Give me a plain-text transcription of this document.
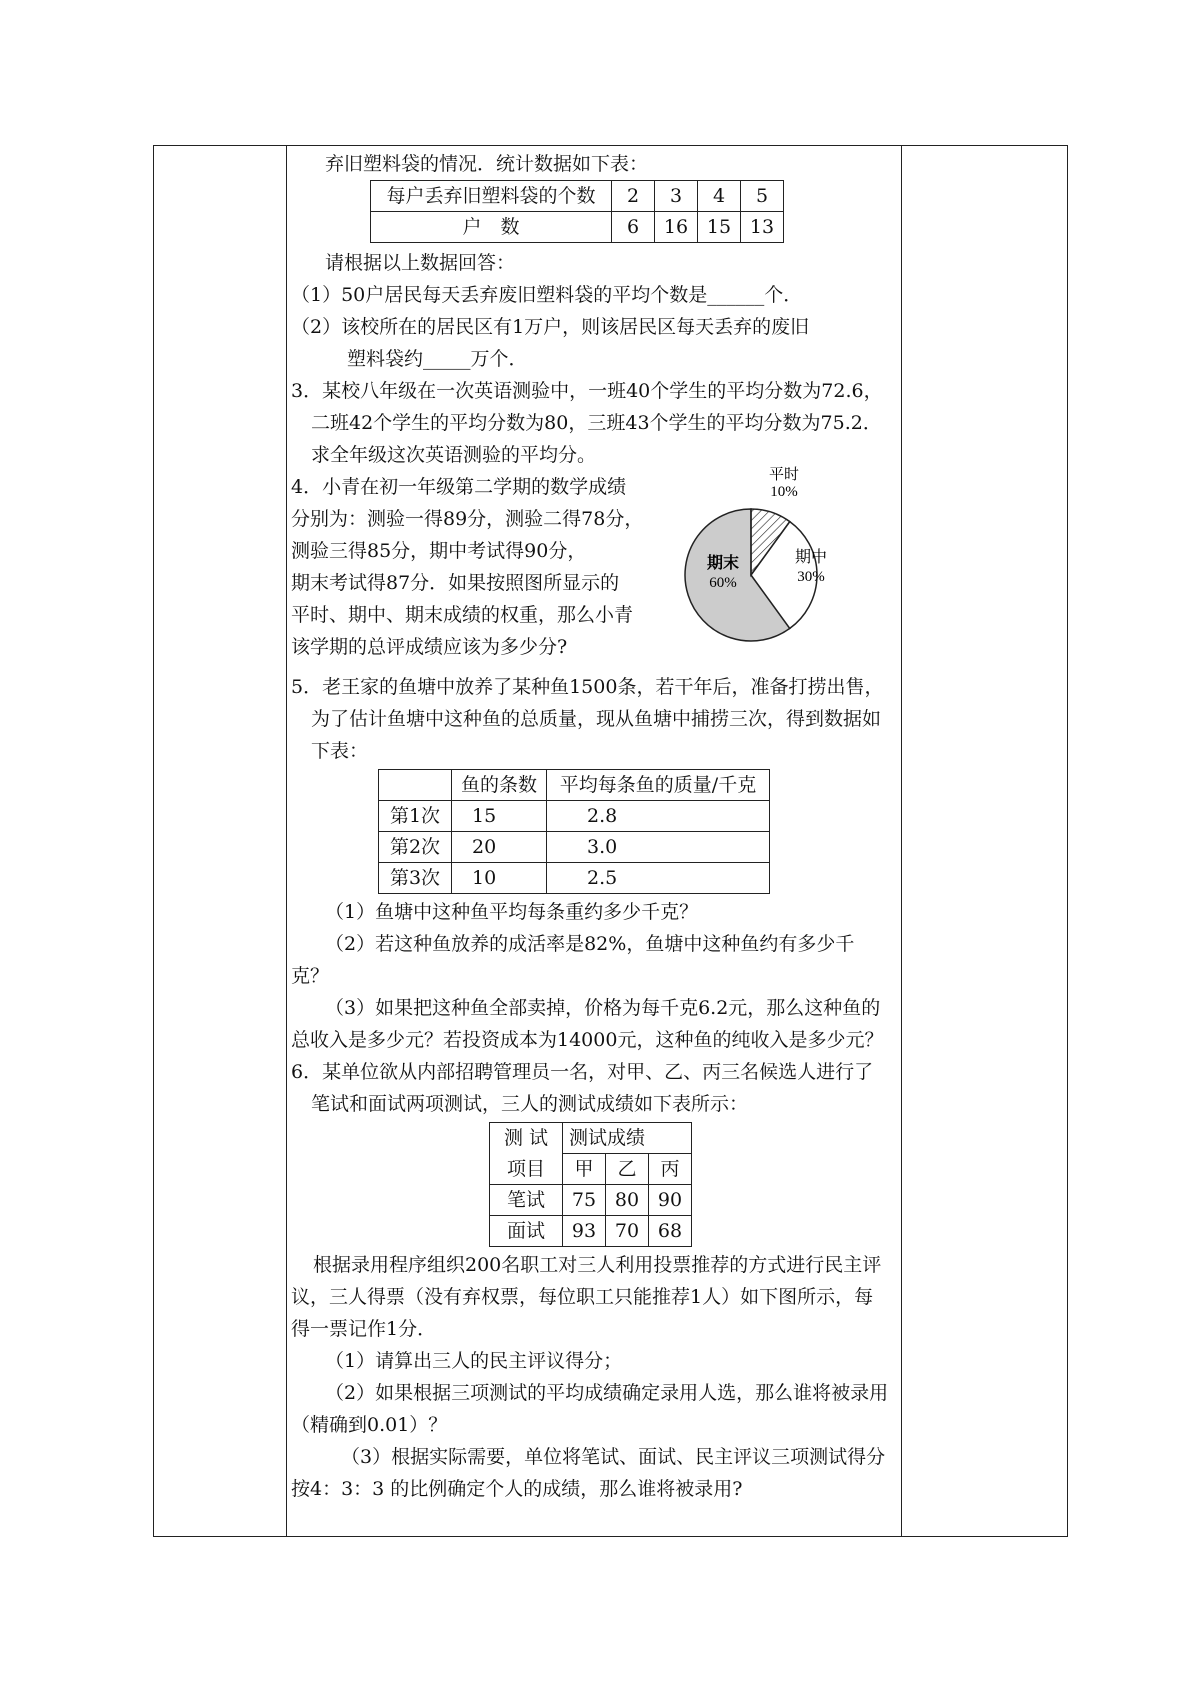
弃旧塑料袋的情况．统计数据如下表：

每户丢弃旧塑料袋的个数	2	3	4	5
户　数	6	16	15	13

请根据以上数据回答：

（1）50户居民每天丢弃废旧塑料袋的平均个数是______个．

（2）该校所在的居民区有1万户，则该居民区每天丢弃的废旧

塑料袋约_____万个．

3．某校八年级在一次英语测验中，一班40个学生的平均分数为72.6，二班42个学生的平均分数为80，三班43个学生的平均分数为75.2．求全年级这次英语测验的平均分。

4．小青在初一年级第二学期的数学成绩

分别为：测验一得89分，测验二得78分，

测验三得85分，期中考试得90分，

期末考试得87分．如果按照图所显示的

平时、期中、期末成绩的权重，那么小青

该学期的总评成绩应该为多少分?

平时
10%
期中
30%
期末
60%

5．老王家的鱼塘中放养了某种鱼1500条，若干年后，准备打捞出售，为了估计鱼塘中这种鱼的总质量，现从鱼塘中捕捞三次，得到数据如下表：

	鱼的条数	平均每条鱼的质量/千克
第1次	15	2.8
第2次	20	3.0
第3次	10	2.5

（1）鱼塘中这种鱼平均每条重约多少千克？

（2）若这种鱼放养的成活率是82%，鱼塘中这种鱼约有多少千克？

（3）如果把这种鱼全部卖掉，价格为每千克6.2元，那么这种鱼的总收入是多少元？若投资成本为14000元，这种鱼的纯收入是多少元？

6．某单位欲从内部招聘管理员一名，对甲、乙、丙三名候选人进行了笔试和面试两项测试，三人的测试成绩如下表所示：

测 试	测试成绩		
项目	甲	乙	丙
笔试	75	80	90
面试	93	70	68

根据录用程序组织200名职工对三人利用投票推荐的方式进行民主评议，三人得票（没有弃权票，每位职工只能推荐1人）如下图所示，每得一票记作1分．

（1）请算出三人的民主评议得分；

（2）如果根据三项测试的平均成绩确定录用人选，那么谁将被录用（精确到0.01）？

（3）根据实际需要，单位将笔试、面试、民主评议三项测试得分按4：3：3 的比例确定个人的成绩，那么谁将被录用?
